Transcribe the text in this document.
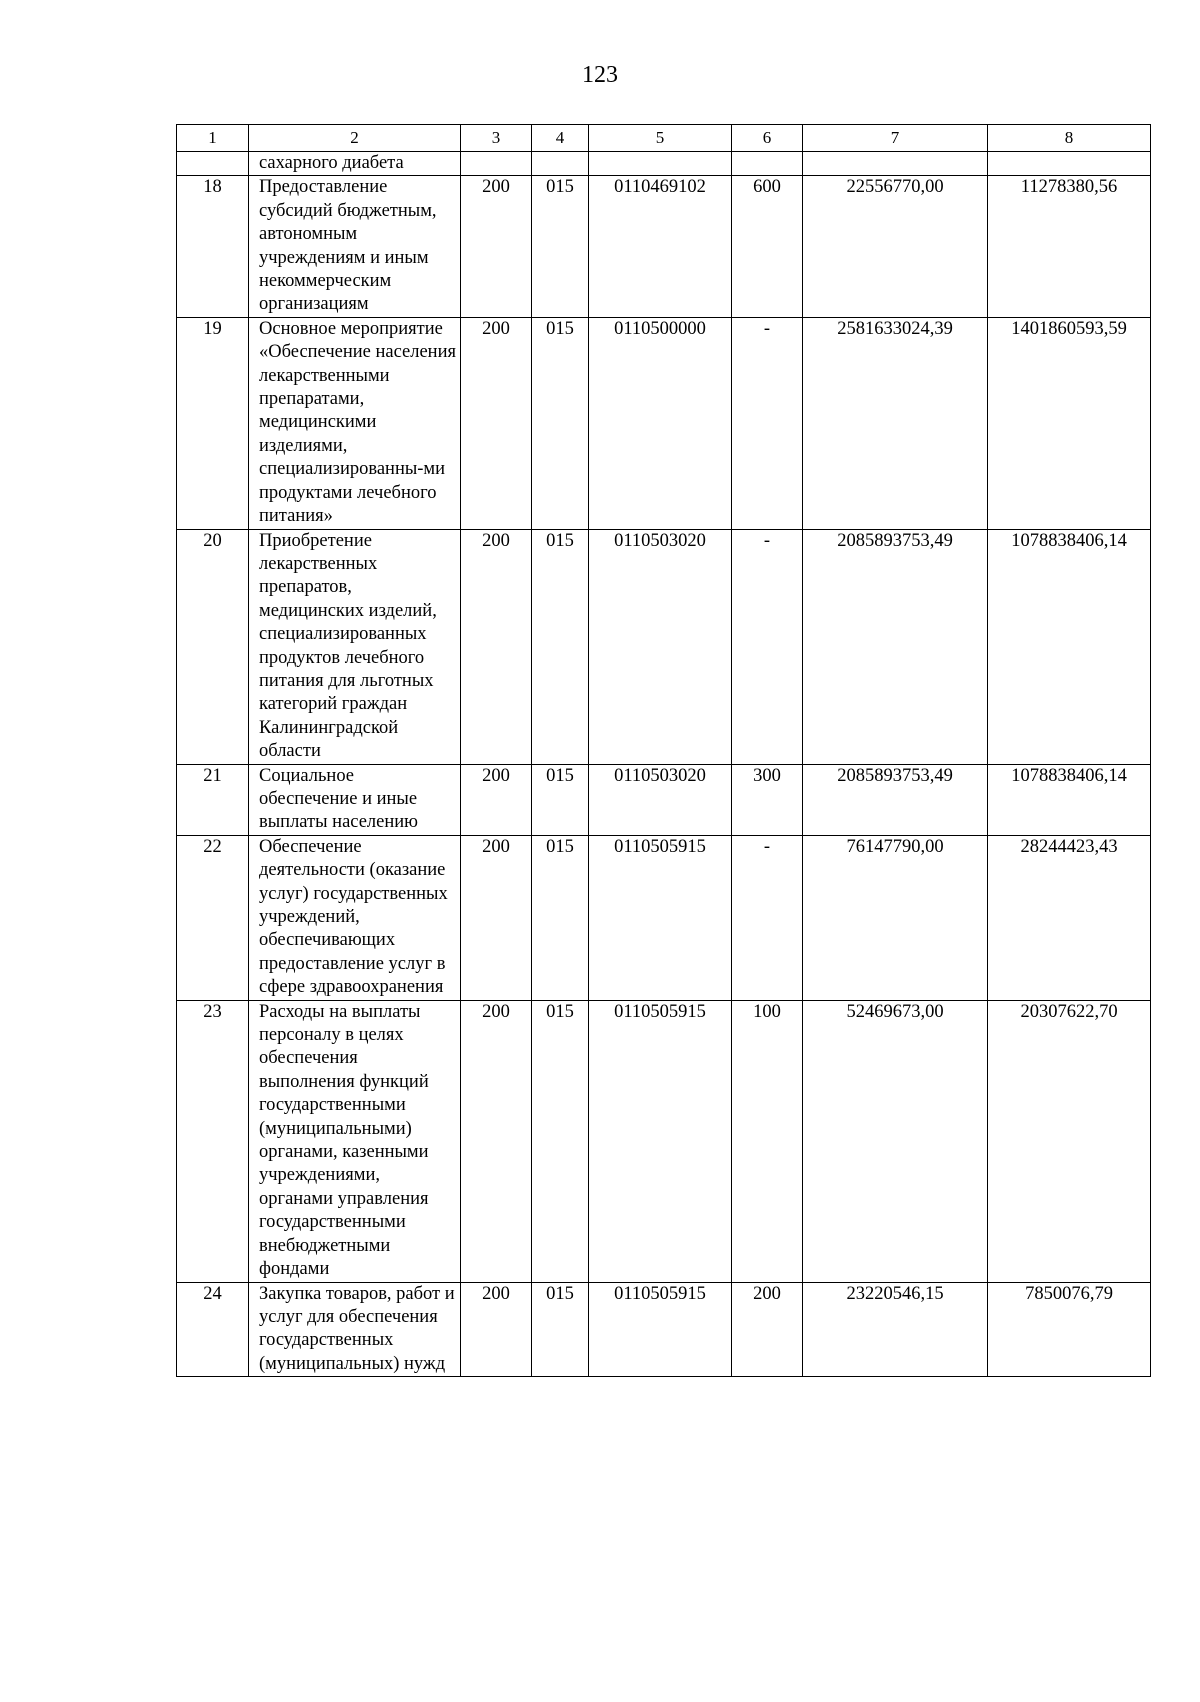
123
1	2	3	4	5	6	7	8
	сахарного диабета						
18	Предоставление субсидий бюджетным, автономным учреждениям и иным некоммерческим организациям	200	015	0110469102	600	22556770,00	11278380,56
19	Основное мероприятие «Обеспечение населения лекарственными препаратами, медицинскими изделиями, специализированны-ми продуктами лечебного питания»	200	015	0110500000	-	2581633024,39	1401860593,59
20	Приобретение лекарственных препаратов, медицинских изделий, специализированных продуктов лечебного питания для льготных категорий граждан Калининградской области	200	015	0110503020	-	2085893753,49	1078838406,14
21	Социальное обеспечение и иные выплаты населению	200	015	0110503020	300	2085893753,49	1078838406,14
22	Обеспечение деятельности (оказание услуг) государственных учреждений, обеспечивающих предоставление услуг в сфере здравоохранения	200	015	0110505915	-	76147790,00	28244423,43
23	Расходы на выплаты персоналу в целях обеспечения выполнения функций государственными (муниципальными) органами, казенными учреждениями, органами управления государственными внебюджетными фондами	200	015	0110505915	100	52469673,00	20307622,70
24	Закупка товаров, работ и услуг для обеспечения государственных (муниципальных) нужд	200	015	0110505915	200	23220546,15	7850076,79
